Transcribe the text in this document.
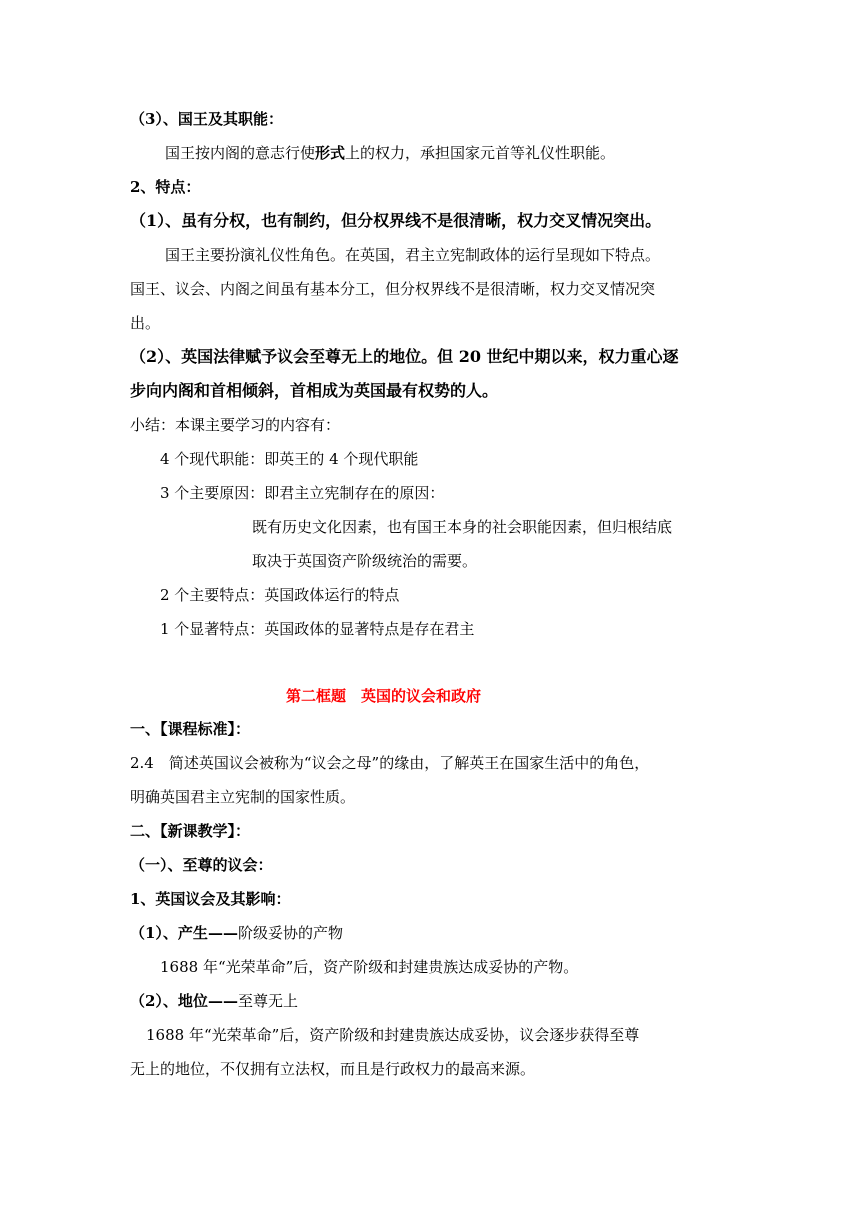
（3）、国王及其职能：
国王按内阁的意志行使形式上的权力，承担国家元首等礼仪性职能。
2、特点：
（1）、虽有分权，也有制约，但分权界线不是很清晰，权力交叉情况突出。
国王主要扮演礼仪性角色。在英国，君主立宪制政体的运行呈现如下特点。
国王、议会、内阁之间虽有基本分工，但分权界线不是很清晰，权力交叉情况突
出。
（2）、英国法律赋予议会至尊无上的地位。但 20 世纪中期以来，权力重心逐
步向内阁和首相倾斜，首相成为英国最有权势的人。
小结：本课主要学习的内容有：
4 个现代职能：即英王的 4 个现代职能
3 个主要原因：即君主立宪制存在的原因：
既有历史文化因素，也有国王本身的社会职能因素，但归根结底
取决于英国资产阶级统治的需要。
2 个主要特点：英国政体运行的特点
1 个显著特点：英国政体的显著特点是存在君主
第二框题　英国的议会和政府
一、【课程标准】：
2.4　简述英国议会被称为“议会之母”的缘由，了解英王在国家生活中的角色，
明确英国君主立宪制的国家性质。
二、【新课教学】：
（一）、至尊的议会：
1、英国议会及其影响：
（1）、产生——阶级妥协的产物
1688 年“光荣革命”后，资产阶级和封建贵族达成妥协的产物。
（2）、地位——至尊无上
1688 年“光荣革命”后，资产阶级和封建贵族达成妥协，议会逐步获得至尊
无上的地位，不仅拥有立法权，而且是行政权力的最高来源。
